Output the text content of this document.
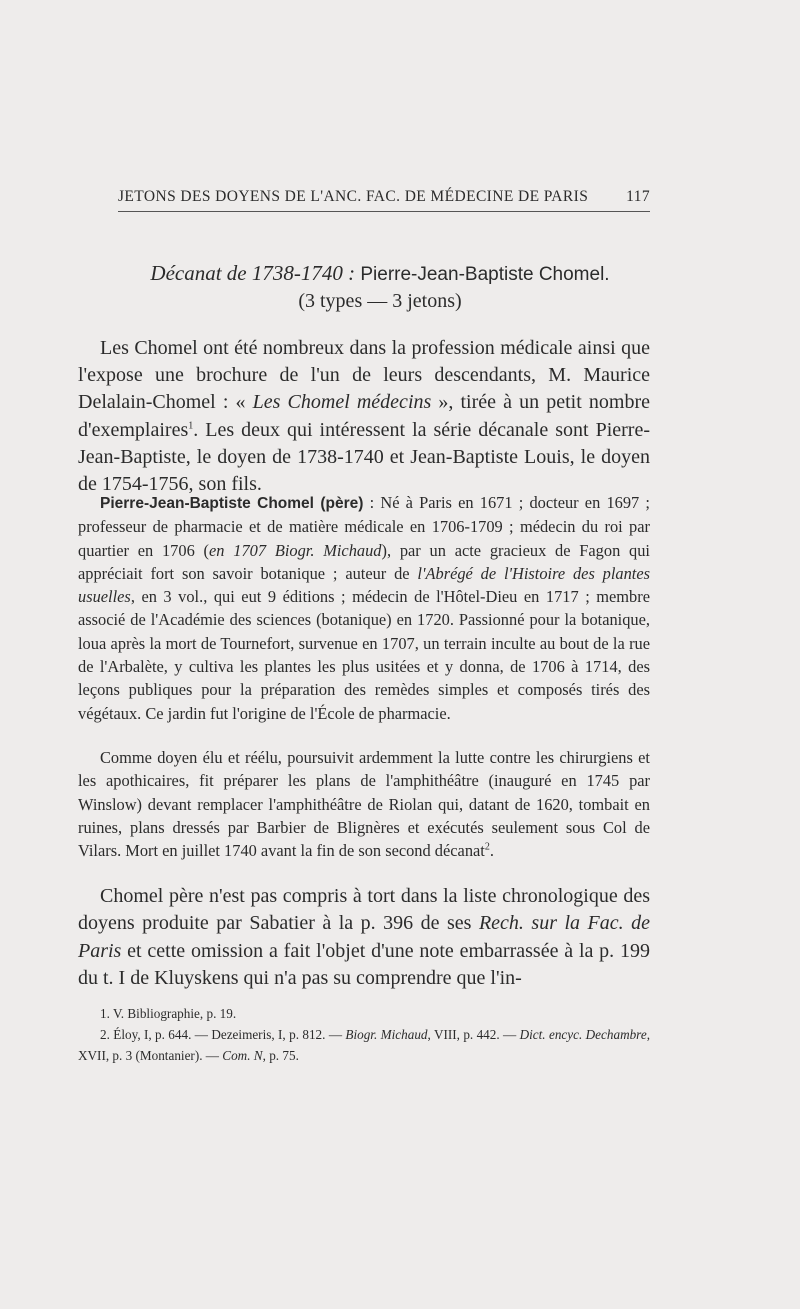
JETONS DES DOYENS DE L'ANC. FAC. DE MÉDECINE DE PARIS 117
Décanat de 1738-1740 : Pierre-Jean-Baptiste Chomel.
(3 types — 3 jetons)
Les Chomel ont été nombreux dans la profession médicale ainsi que l'expose une brochure de l'un de leurs descendants, M. Maurice Delalain-Chomel : « Les Chomel médecins », tirée à un petit nombre d'exemplaires$^1$. Les deux qui intéressent la série décanale sont Pierre-Jean-Baptiste, le doyen de 1738-1740 et Jean-Baptiste Louis, le doyen de 1754-1756, son fils.
Pierre-Jean-Baptiste Chomel (père) : Né à Paris en 1671 ; docteur en 1697 ; professeur de pharmacie et de matière médicale en 1706-1709 ; médecin du roi par quartier en 1706 (en 1707 Biogr. Michaud), par un acte gracieux de Fagon qui appréciait fort son savoir botanique ; auteur de l'Abrégé de l'Histoire des plantes usuelles, en 3 vol., qui eut 9 éditions ; médecin de l'Hôtel-Dieu en 1717 ; membre associé de l'Académie des sciences (botanique) en 1720. Passionné pour la botanique, loua après la mort de Tournefort, survenue en 1707, un terrain inculte au bout de la rue de l'Arbalète, y cultiva les plantes les plus usitées et y donna, de 1706 à 1714, des leçons publiques pour la préparation des remèdes simples et composés tirés des végétaux. Ce jardin fut l'origine de l'École de pharmacie.
Comme doyen élu et réélu, poursuivit ardemment la lutte contre les chirurgiens et les apothicaires, fit préparer les plans de l'amphithéâtre (inauguré en 1745 par Winslow) devant remplacer l'amphithéâtre de Riolan qui, datant de 1620, tombait en ruines, plans dressés par Barbier de Blignères et exécutés seulement sous Col de Vilars. Mort en juillet 1740 avant la fin de son second décanat$^2$.
Chomel père n'est pas compris à tort dans la liste chronologique des doyens produite par Sabatier à la p. 396 de ses Rech. sur la Fac. de Paris et cette omission a fait l'objet d'une note embarrassée à la p. 199 du t. I de Kluyskens qui n'a pas su comprendre que l'in-
1. V. Bibliographie, p. 19.
2. Éloy, I, p. 644. — Dezeimeris, I, p. 812. — Biogr. Michaud, VIII, p. 442. — Dict. encyc. Dechambre, XVII, p. 3 (Montanier). — Com. N, p. 75.
